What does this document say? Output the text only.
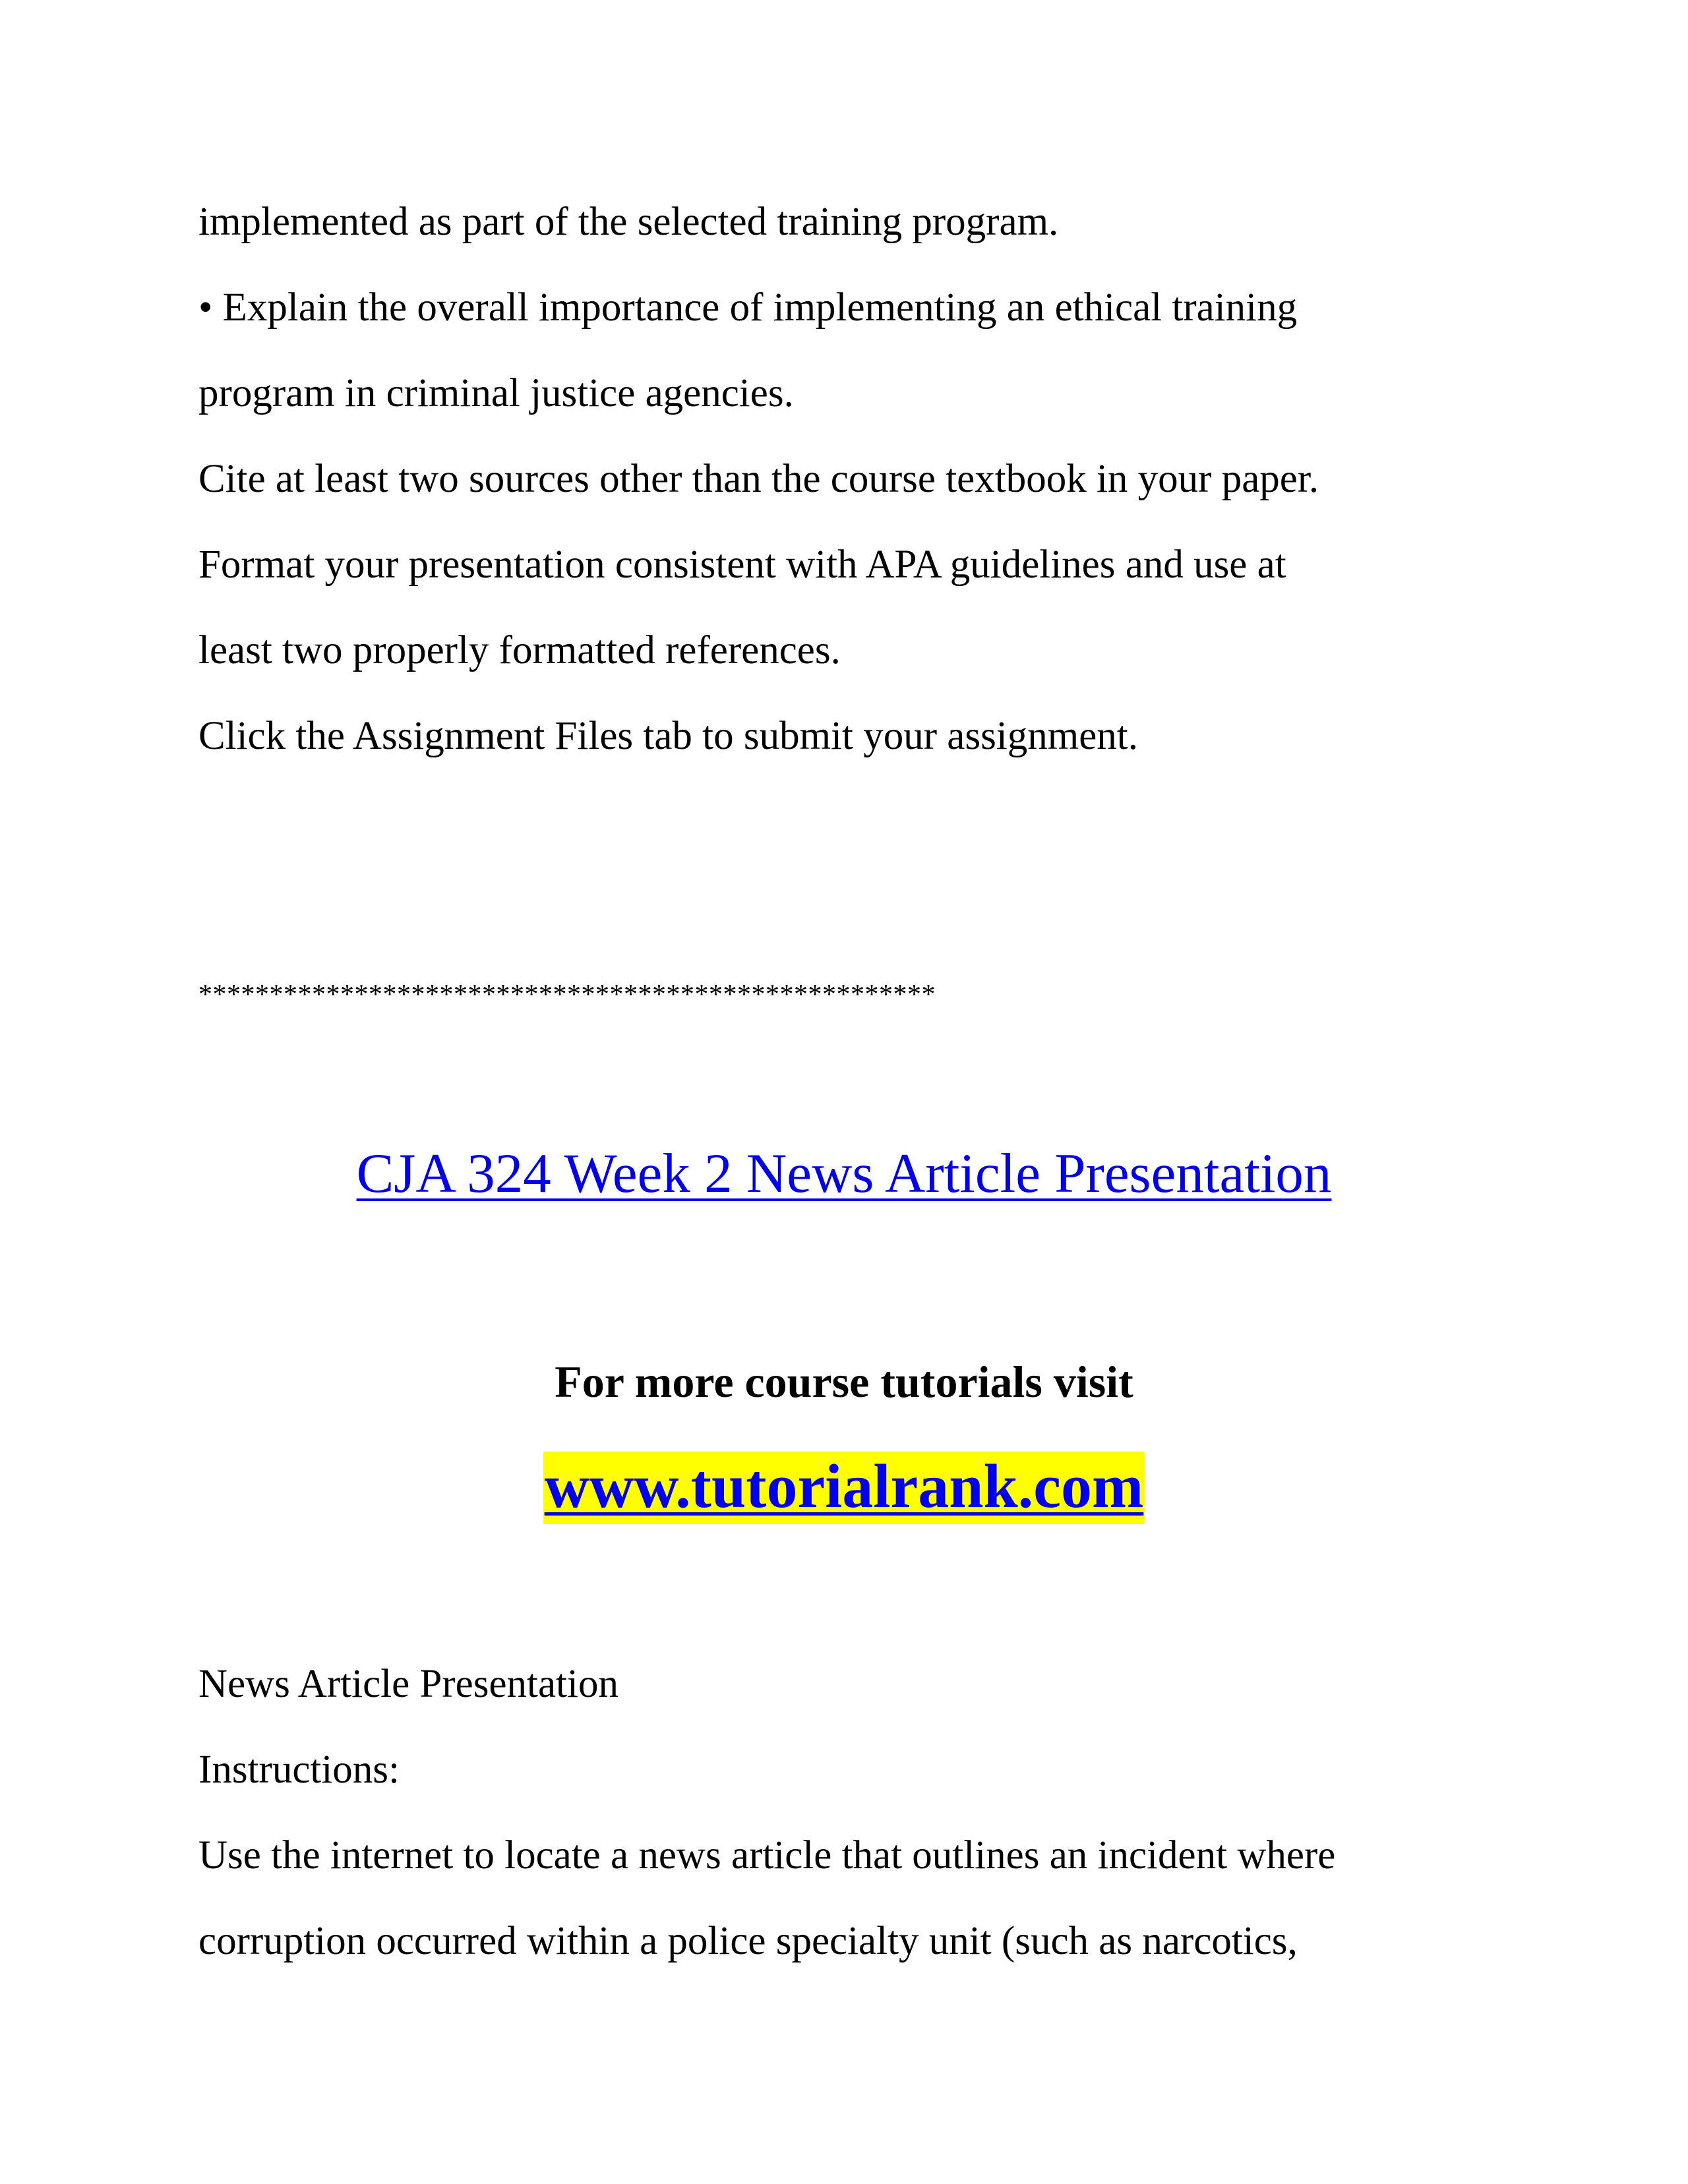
implemented as part of the selected training program.
• Explain the overall importance of implementing an ethical training
program in criminal justice agencies.
Cite at least two sources other than the course textbook in your paper.
Format your presentation consistent with APA guidelines and use at
least two properly formatted references.
Click the Assignment Files tab to submit your assignment.
****************************************************
CJA 324 Week 2 News Article Presentation
For more course tutorials visit
www.tutorialrank.com
News Article Presentation
Instructions:
Use the internet to locate a news article that outlines an incident where
corruption occurred within a police specialty unit (such as narcotics,
